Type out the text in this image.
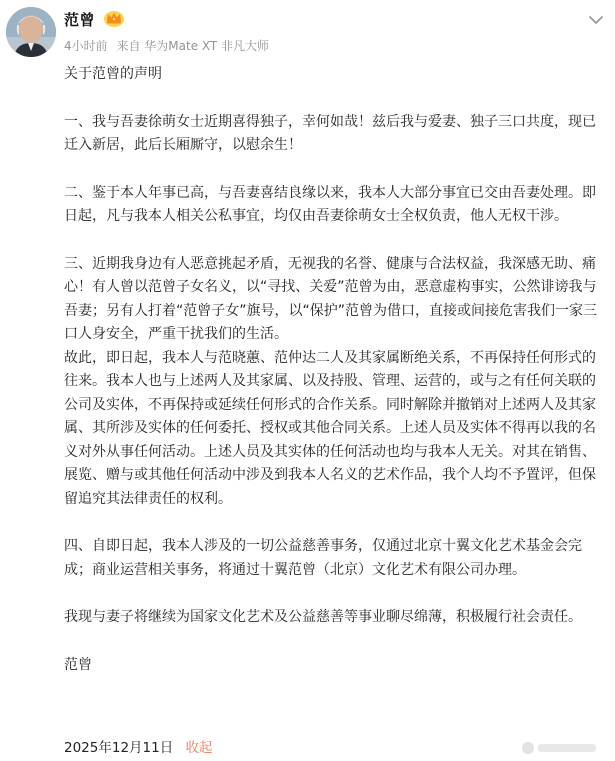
范曾
4小时前 来自 华为Mate XT 非凡大师

关于范曾的声明

一、我与吾妻徐萌女士近期喜得独子，幸何如哉！兹后我与爱妻、独子三口共度，现已迁入新居，此后长厢厮守，以慰余生！

二、鉴于本人年事已高，与吾妻喜结良缘以来，我本人大部分事宜已交由吾妻处理。即日起，凡与我本人相关公私事宜，均仅由吾妻徐萌女士全权负责，他人无权干涉。

三、近期我身边有人恶意挑起矛盾，无视我的名誉、健康与合法权益，我深感无助、痛心！有人曾以范曾子女名义，以“寻找、关爱”范曾为由，恶意虚构事实，公然诽谤我与吾妻；另有人打着“范曾子女”旗号，以“保护”范曾为借口，直接或间接危害我们一家三口人身安全，严重干扰我们的生活。

故此，即日起，我本人与范晓蕙、范仲达二人及其家属断绝关系，不再保持任何形式的往来。我本人也与上述两人及其家属、以及持股、管理、运营的，或与之有任何关联的公司及实体，不再保持或延续任何形式的合作关系。同时解除并撤销对上述两人及其家属、其所涉及实体的任何委托、授权或其他合同关系。上述人员及实体不得再以我的名义对外从事任何活动。上述人员及其实体的任何活动也均与我本人无关。对其在销售、展览、赠与或其他任何活动中涉及到我本人名义的艺术作品，我个人均不予置评，但保留追究其法律责任的权利。

四、自即日起，我本人涉及的一切公益慈善事务，仅通过北京十翼文化艺术基金会完成；商业运营相关事务，将通过十翼范曾（北京）文化艺术有限公司办理。

我现与妻子将继续为国家文化艺术及公益慈善等事业聊尽绵薄，积极履行社会责任。

范曾

2025年12月11日 收起
